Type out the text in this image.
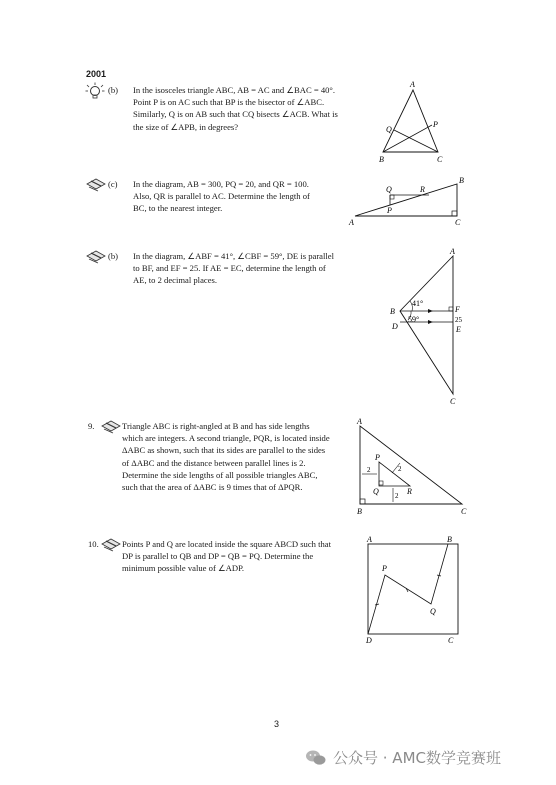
2001
(b) In the isosceles triangle ABC, AB = AC and ∠BAC = 40°.
Point P is on AC such that BP is the bisector of ∠ABC.
Similarly, Q is on AB such that CQ bisects ∠ACB. What is
the size of ∠APB, in degrees?
A
B	C
P
Q
(c) In the diagram, AB = 300, PQ = 20, and QR = 100.
Also, QR is parallel to AC. Determine the length of
BC, to the nearest integer.
A
B
C
P
Q	R
(b) In the diagram, ∠ABF = 41°, ∠CBF = 59°, DE is parallel
to BF, and EF = 25. If AE = EC, determine the length of
AE, to 2 decimal places.
A
B
D
F
E
C
41°
59°	25
9.	Triangle ABC is right-angled at B and has side lengths
which are integers. A second triangle, PQR, is located inside
ΔABC as shown, such that its sides are parallel to the sides
of ΔABC and the distance between parallel lines is 2.
Determine the side lengths of all possible triangles ABC,
such that the area of ΔABC is 9 times that of ΔPQR.
A
B	C
P
Q	R
2
2
2
10.	Points P and Q are located inside the square ABCD such that
DP is parallel to QB and DP = QB = PQ. Determine the
minimum possible value of ∠ADP.
A	B
D	C
P
Q
3
公众号 · AMC数学竞赛班
